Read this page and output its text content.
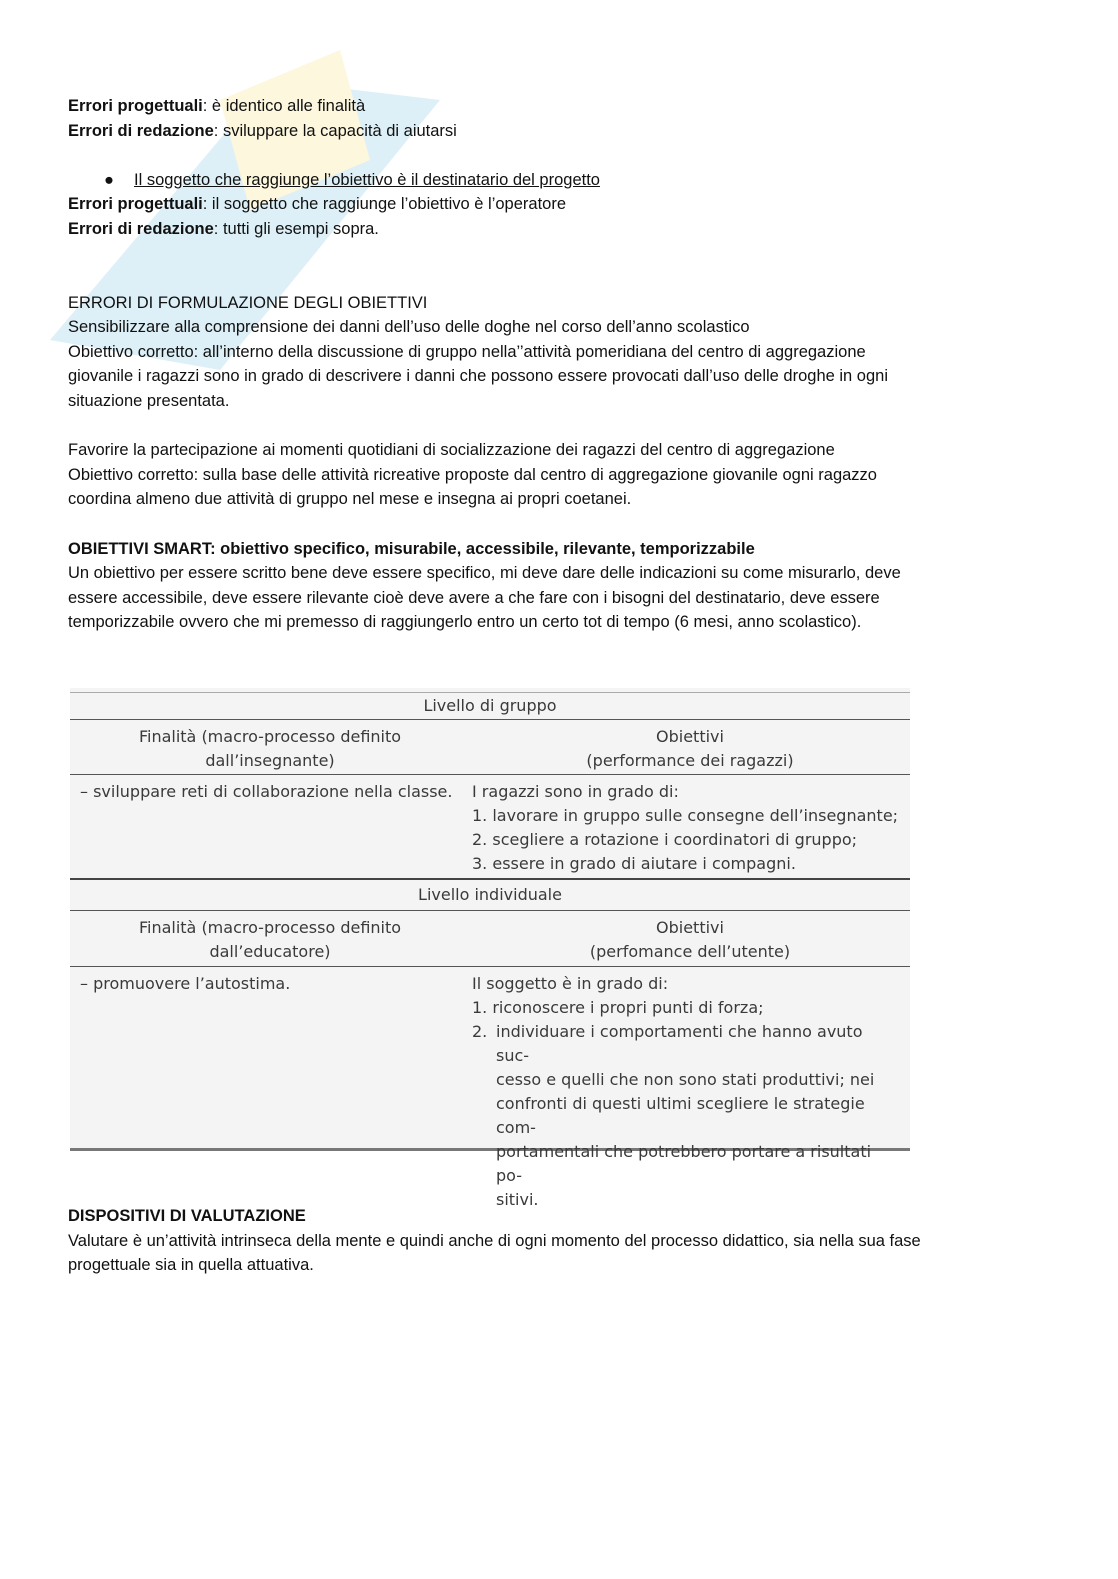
Errori progettuali: è identico alle finalità
Errori di redazione: sviluppare la capacità di aiutarsi
●	Il soggetto che raggiunge l’obiettivo è il destinatario del progetto
Errori progettuali: il soggetto che raggiunge l’obiettivo è l’operatore
Errori di redazione: tutti gli esempi sopra.
ERRORI DI FORMULAZIONE DEGLI OBIETTIVI
Sensibilizzare alla comprensione dei danni dell’uso delle doghe nel corso dell’anno scolastico
Obiettivo corretto: all’interno della discussione di gruppo nella’’attività pomeridiana del centro di aggregazione
giovanile i ragazzi sono in grado di descrivere i danni che possono essere provocati dall’uso delle droghe in ogni
situazione presentata.
Favorire la partecipazione ai momenti quotidiani di socializzazione dei ragazzi del centro di aggregazione
Obiettivo corretto: sulla base delle attività ricreative proposte dal centro di aggregazione giovanile ogni ragazzo
coordina almeno due attività di gruppo nel mese e insegna ai propri coetanei.
OBIETTIVI SMART: obiettivo specifico, misurabile, accessibile, rilevante, temporizzabile
Un obiettivo per essere scritto bene deve essere specifico, mi deve dare delle indicazioni su come misurarlo, deve
essere accessibile, deve essere rilevante cioè deve avere a che fare con i bisogni del destinatario, deve essere
temporizzabile ovvero che mi premesso di raggiungerlo entro un certo tot di tempo (6 mesi, anno scolastico).
Livello di gruppo
Finalità (macro-processo definito
dall’insegnante)
Obiettivi
(performance dei ragazzi)
– sviluppare reti di collaborazione nella classe. I ragazzi sono in grado di:
1. lavorare in gruppo sulle consegne dell’insegnante;
2. scegliere a rotazione i coordinatori di gruppo;
3. essere in grado di aiutare i compagni.
Livello individuale
Finalità (macro-processo definito
dall’educatore)
Obiettivi
(perfomance dell’utente)
– promuovere l’autostima.	Il soggetto è in grado di:
1. riconoscere i propri punti di forza;
2. individuare i comportamenti che hanno avuto suc-
cesso e quelli che non sono stati produttivi; nei
confronti di questi ultimi scegliere le strategie com-
portamentali che potrebbero portare a risultati po-
sitivi.
DISPOSITIVI DI VALUTAZIONE
Valutare è un’attività intrinseca della mente e quindi anche di ogni momento del processo didattico, sia nella sua fase
progettuale sia in quella attuativa.
